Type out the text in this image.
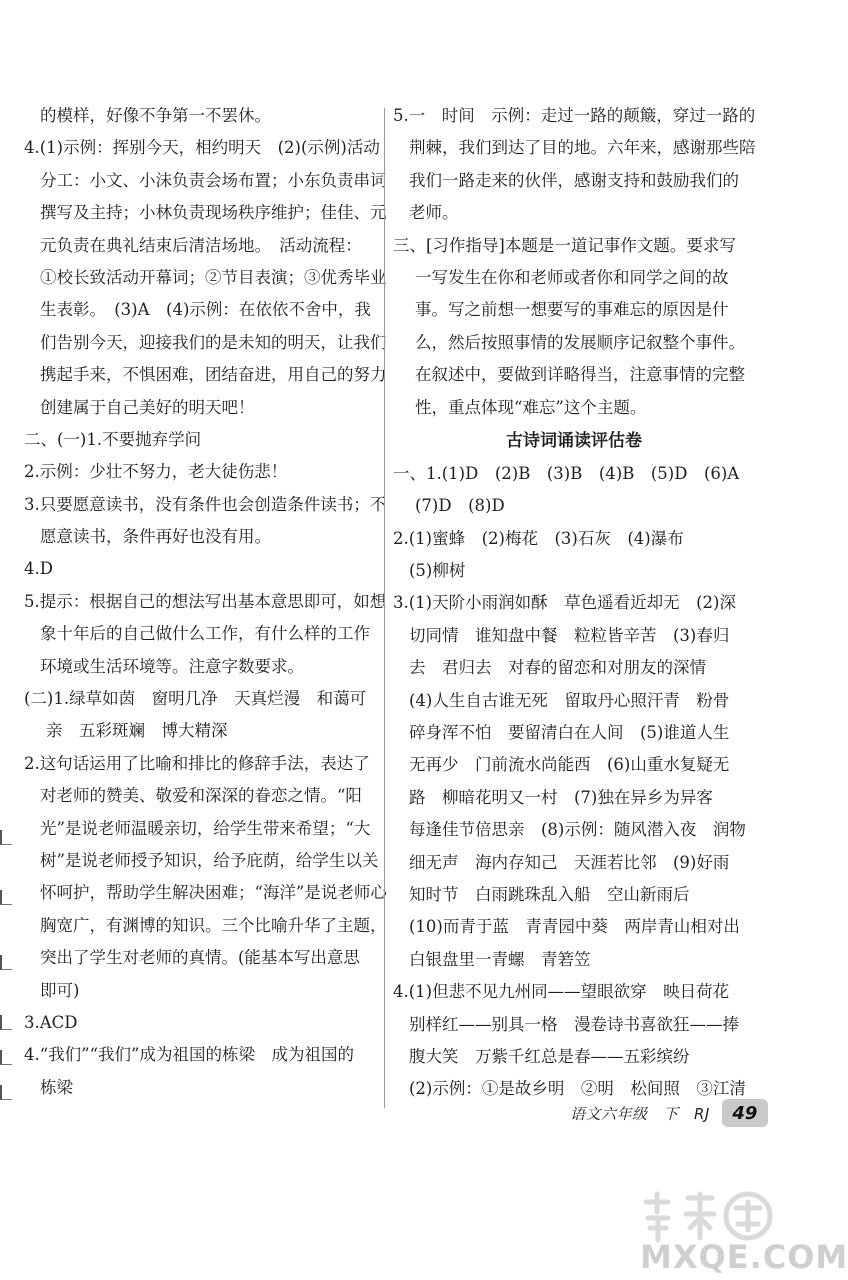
的模样，好像不争第一不罢休。
4.(1)示例：挥别今天，相约明天　(2)(示例)活动
分工：小文、小沫负责会场布置；小东负责串词
撰写及主持；小林负责现场秩序维护；佳佳、元
元负责在典礼结束后清洁场地。　活动流程：
①校长致活动开幕词；②节目表演；③优秀毕业
生表彰。　(3)A　(4)示例：在依依不舍中，我
们告别今天，迎接我们的是未知的明天，让我们
携起手来，不惧困难，团结奋进，用自己的努力
创建属于自己美好的明天吧！
二、(一)1.不要抛弃学问
2.示例：少壮不努力，老大徒伤悲！
3.只要愿意读书，没有条件也会创造条件读书；不
愿意读书，条件再好也没有用。
4.D
5.提示：根据自己的想法写出基本意思即可，如想
象十年后的自己做什么工作，有什么样的工作
环境或生活环境等。注意字数要求。
(二)1.绿草如茵　窗明几净　天真烂漫　和蔼可
亲　五彩斑斓　博大精深
2.这句话运用了比喻和排比的修辞手法，表达了
对老师的赞美、敬爱和深深的眷恋之情。“阳
光”是说老师温暖亲切，给学生带来希望；“大
树”是说老师授予知识，给予庇荫，给学生以关
怀呵护，帮助学生解决困难；“海洋”是说老师心
胸宽广，有渊博的知识。三个比喻升华了主题，
突出了学生对老师的真情。(能基本写出意思
即可)
3.ACD
4.“我们”“我们”成为祖国的栋梁　成为祖国的
栋梁
5.一　时间　示例：走过一路的颠簸，穿过一路的
荆棘，我们到达了目的地。六年来，感谢那些陪
我们一路走来的伙伴，感谢支持和鼓励我们的
老师。
三、[习作指导]本题是一道记事作文题。要求写
一写发生在你和老师或者你和同学之间的故
事。写之前想一想要写的事难忘的原因是什
么，然后按照事情的发展顺序记叙整个事件。
在叙述中，要做到详略得当，注意事情的完整
性，重点体现“难忘”这个主题。
古诗词诵读评估卷
一、1.(1)D　(2)B　(3)B　(4)B　(5)D　(6)A
(7)D　(8)D
2.(1)蜜蜂　(2)梅花　(3)石灰　(4)瀑布
(5)柳树
3.(1)天阶小雨润如酥　草色遥看近却无　(2)深
切同情　谁知盘中餐　粒粒皆辛苦　(3)春归
去　君归去　对春的留恋和对朋友的深情
(4)人生自古谁无死　留取丹心照汗青　粉骨
碎身浑不怕　要留清白在人间　(5)谁道人生
无再少　门前流水尚能西　(6)山重水复疑无
路　柳暗花明又一村　(7)独在异乡为异客
每逢佳节倍思亲　(8)示例：随风潜入夜　润物
细无声　海内存知己　天涯若比邻　(9)好雨
知时节　白雨跳珠乱入船　空山新雨后
(10)而青于蓝　青青园中葵　两岸青山相对出
白银盘里一青螺　青箬笠
4.(1)但悲不见九州同——望眼欲穿　映日荷花
别样红——别具一格　漫卷诗书喜欲狂——捧
腹大笑　万紫千红总是春——五彩缤纷
(2)示例：①是故乡明　②明　松间照　③江清
语文六年级　下　RJ	49
MXQE.COM
